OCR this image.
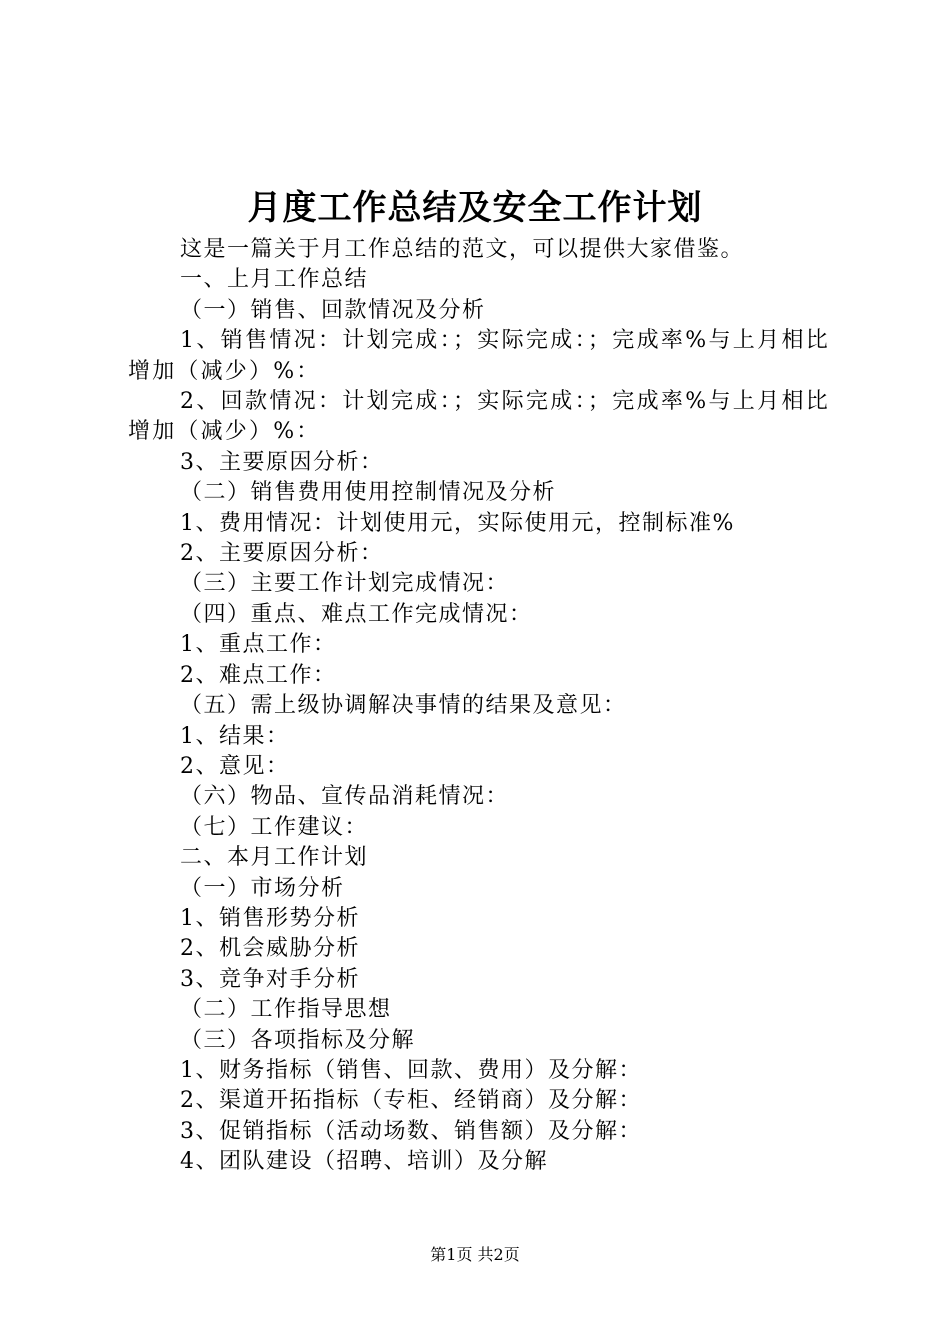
月度工作总结及安全工作计划
这是一篇关于月工作总结的范文，可以提供大家借鉴。
一、上月工作总结
（一）销售、回款情况及分析
1、销售情况：计划完成：；实际完成：；完成率%与上月相比增加（减少）%：
2、回款情况：计划完成：；实际完成：；完成率%与上月相比增加（减少）%：
3、主要原因分析：
（二）销售费用使用控制情况及分析
1、费用情况：计划使用元，实际使用元，控制标准%
2、主要原因分析：
（三）主要工作计划完成情况：
（四）重点、难点工作完成情况：
1、重点工作：
2、难点工作：
（五）需上级协调解决事情的结果及意见：
1、结果：
2、意见：
（六）物品、宣传品消耗情况：
（七）工作建议：
二、本月工作计划
（一）市场分析
1、销售形势分析
2、机会威胁分析
3、竞争对手分析
（二）工作指导思想
（三）各项指标及分解
1、财务指标（销售、回款、费用）及分解：
2、渠道开拓指标（专柜、经销商）及分解：
3、促销指标（活动场数、销售额）及分解：
4、团队建设（招聘、培训）及分解
第1页 共2页
